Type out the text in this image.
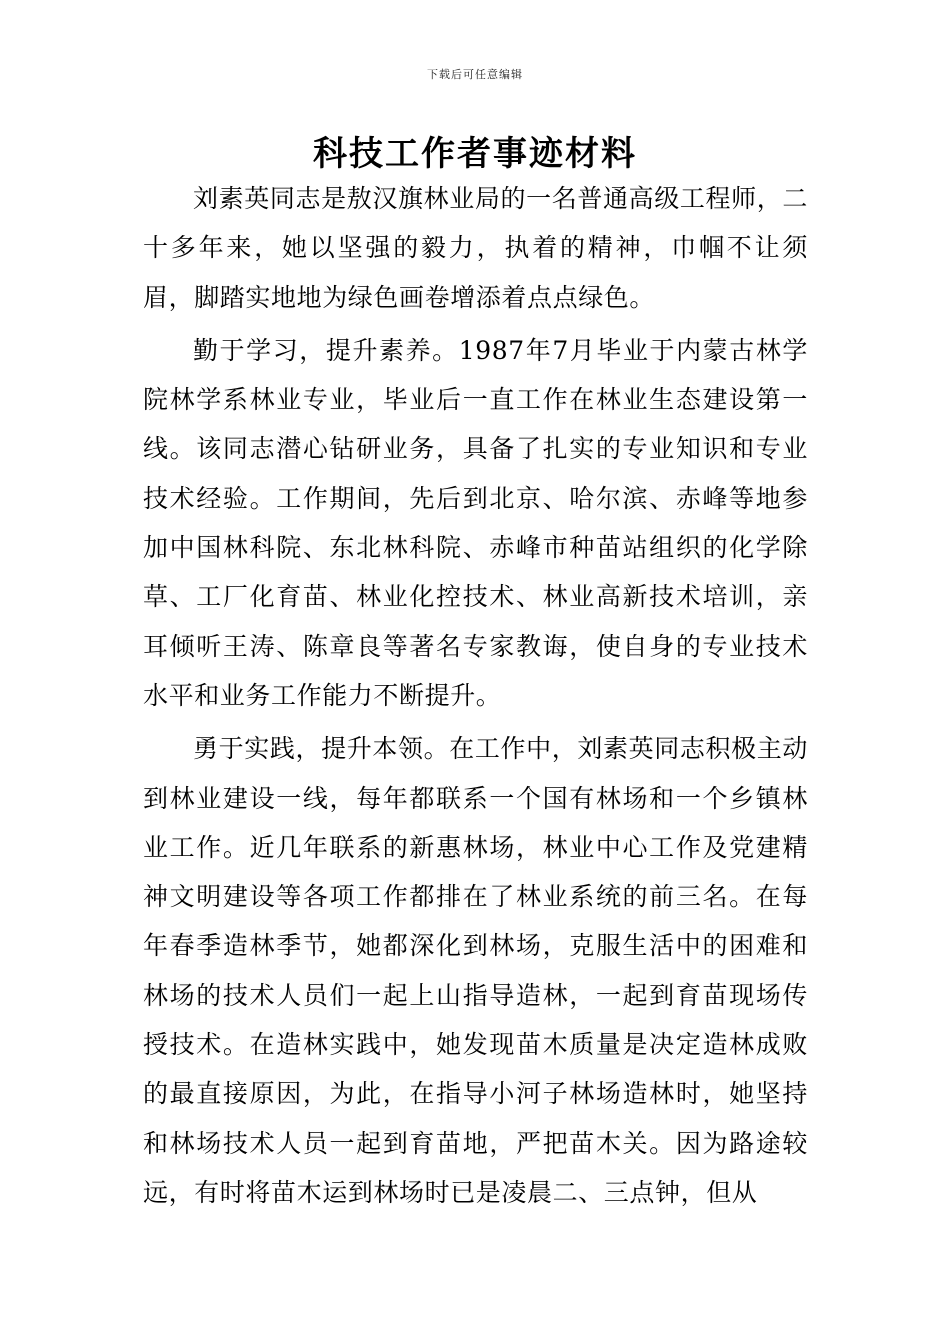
下载后可任意编辑
科技工作者事迹材料

刘素英同志是敖汉旗林业局的一名普通高级工程师，二十多年来，她以坚强的毅力，执着的精神，巾帼不让须眉，脚踏实地地为绿色画卷增添着点点绿色。

勤于学习，提升素养。1987年7月毕业于内蒙古林学院林学系林业专业，毕业后一直工作在林业生态建设第一线。该同志潜心钻研业务，具备了扎实的专业知识和专业技术经验。工作期间，先后到北京、哈尔滨、赤峰等地参加中国林科院、东北林科院、赤峰市种苗站组织的化学除草、工厂化育苗、林业化控技术、林业高新技术培训，亲耳倾听王涛、陈章良等著名专家教诲，使自身的专业技术水平和业务工作能力不断提升。

勇于实践，提升本领。在工作中，刘素英同志积极主动到林业建设一线，每年都联系一个国有林场和一个乡镇林业工作。近几年联系的新惠林场，林业中心工作及党建精神文明建设等各项工作都排在了林业系统的前三名。在每年春季造林季节，她都深化到林场，克服生活中的困难和林场的技术人员们一起上山指导造林，一起到育苗现场传授技术。在造林实践中，她发现苗木质量是决定造林成败的最直接原因，为此，在指导小河子林场造林时，她坚持和林场技术人员一起到育苗地，严把苗木关。因为路途较远，有时将苗木运到林场时已是凌晨二、三点钟，但从
